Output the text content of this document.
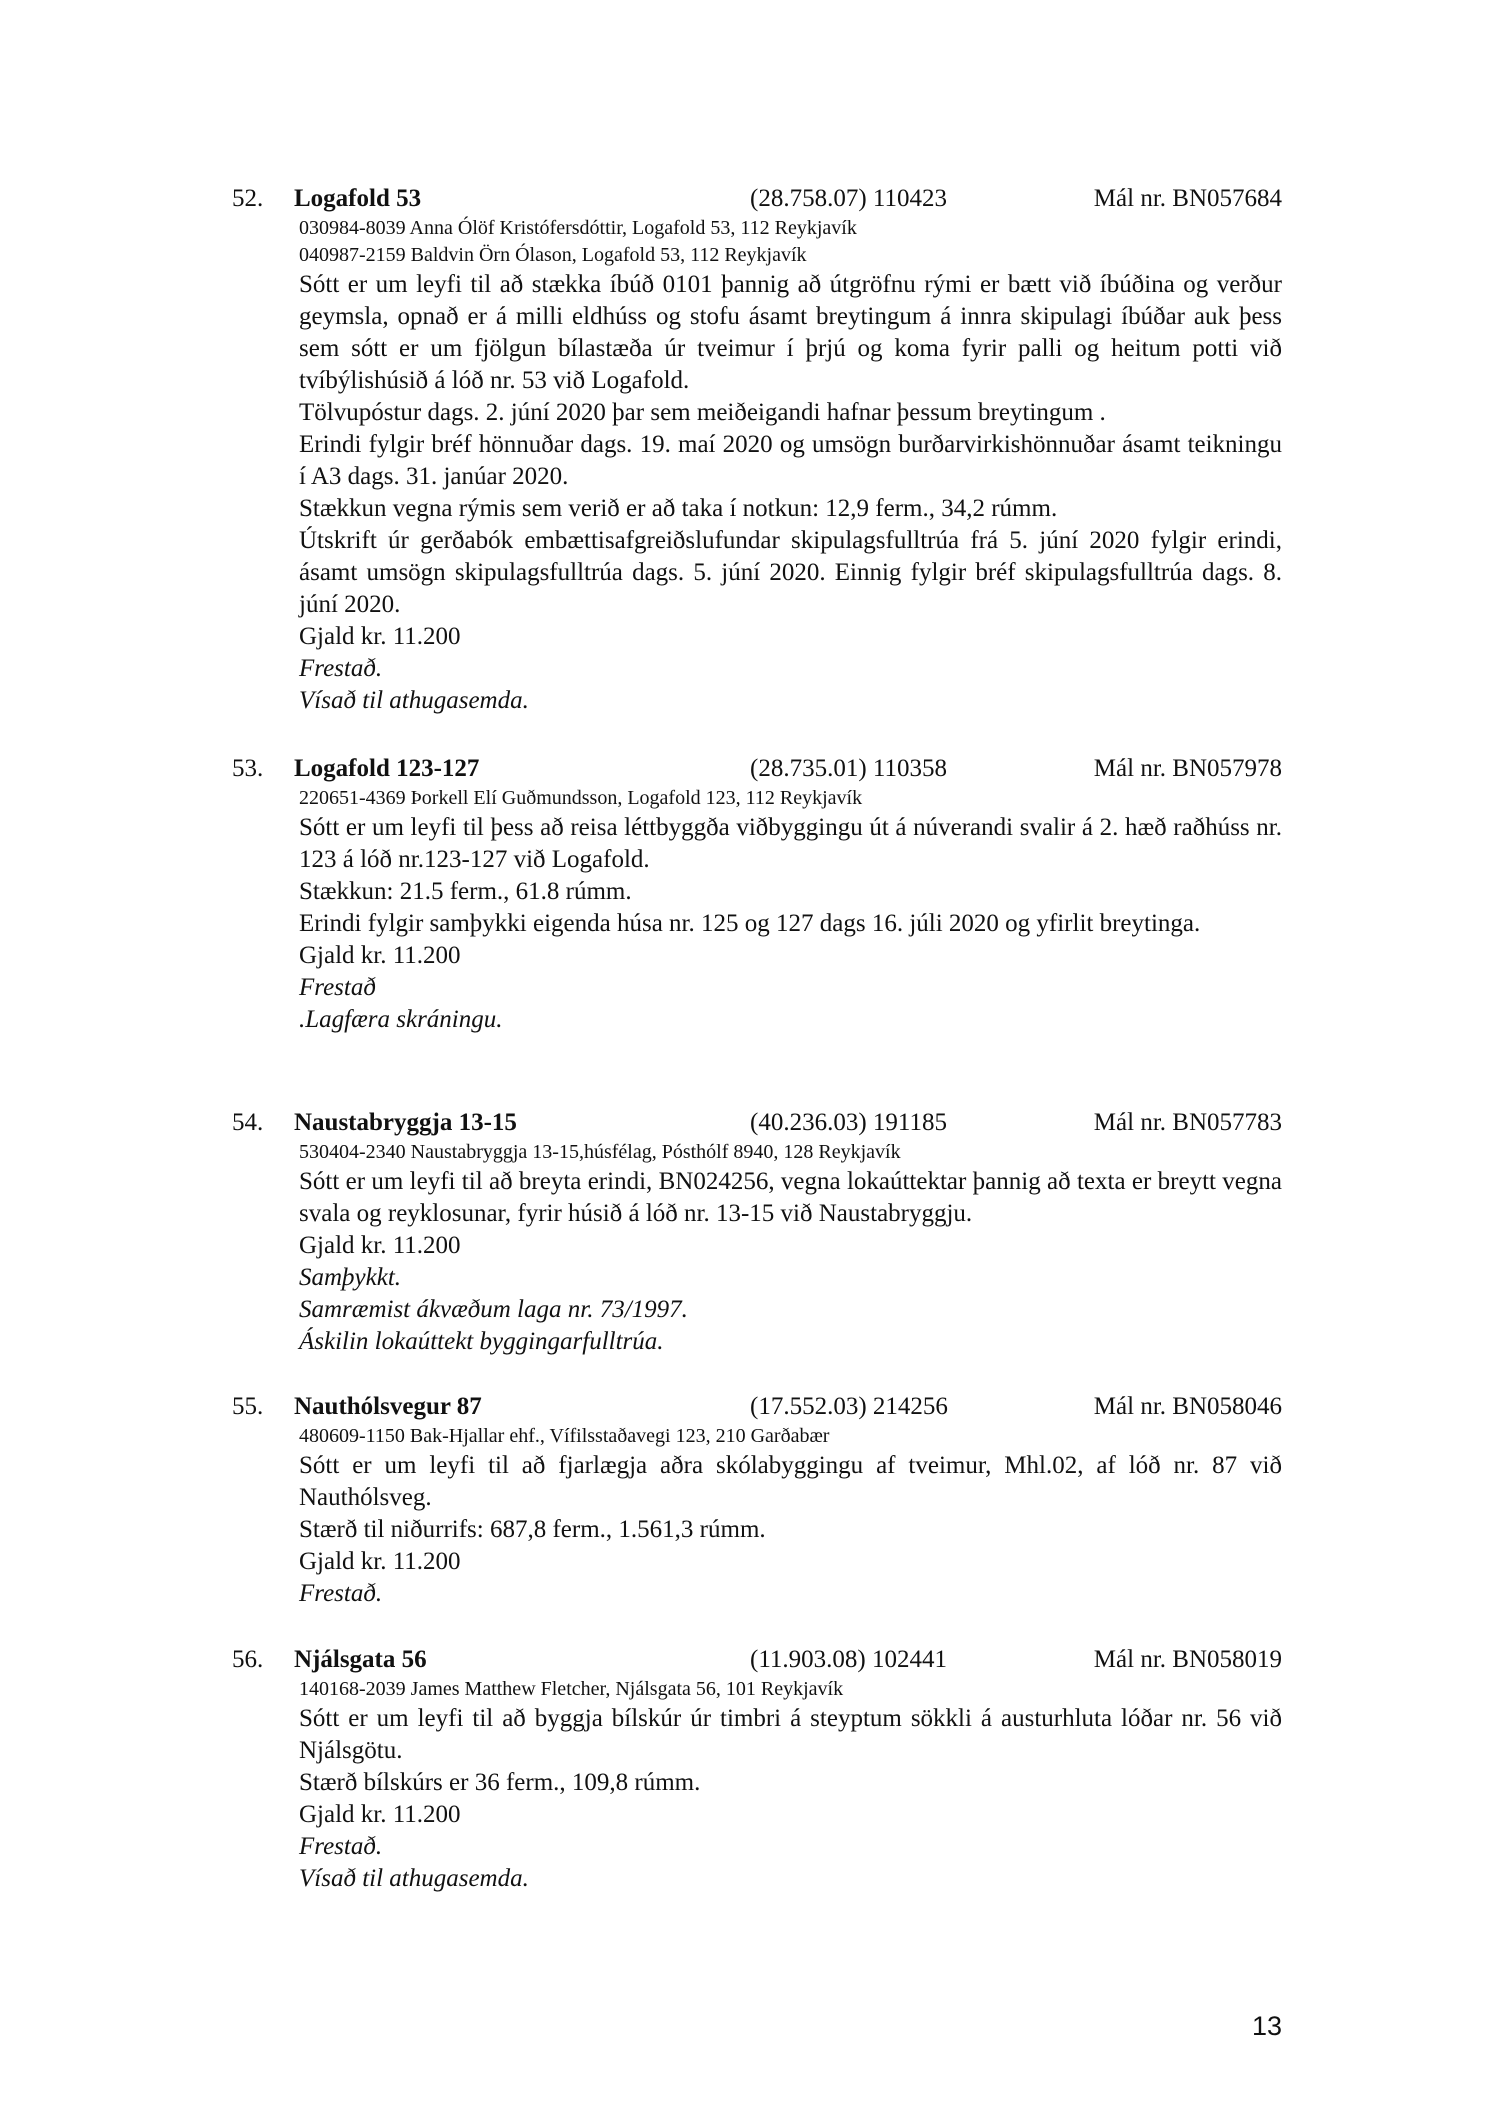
52. Logafold 53	(28.758.07) 110423	Mál nr. BN057684
030984-8039 Anna Ólöf Kristófersdóttir, Logafold 53, 112 Reykjavík
040987-2159 Baldvin Örn Ólason, Logafold 53, 112 Reykjavík
Sótt er um leyfi til að stækka íbúð 0101 þannig að útgröfnu rými er bætt við íbúðina og verður geymsla, opnað er á milli eldhúss og stofu ásamt breytingum á innra skipulagi íbúðar auk þess sem sótt er um fjölgun bílastæða úr tveimur í þrjú og koma fyrir palli og heitum potti við tvíbýlishúsið á lóð nr. 53 við Logafold.
Tölvupóstur dags. 2. júní 2020 þar sem meiðeigandi hafnar þessum breytingum .
Erindi fylgir bréf hönnuðar dags. 19. maí 2020 og umsögn burðarvirkishönnuðar ásamt teikningu í A3 dags. 31. janúar 2020.
Stækkun vegna rýmis sem verið er að taka í notkun: 12,9 ferm., 34,2 rúmm.
Útskrift úr gerðabók embættisafgreiðslufundar skipulagsfulltrúa frá 5. júní 2020 fylgir erindi, ásamt umsögn skipulagsfulltrúa dags. 5. júní 2020. Einnig fylgir bréf skipulagsfulltrúa dags. 8. júní 2020.
Gjald kr. 11.200
Frestað.
Vísað til athugasemda.
53. Logafold 123-127	(28.735.01) 110358	Mál nr. BN057978
220651-4369 Þorkell Elí Guðmundsson, Logafold 123, 112 Reykjavík
Sótt er um leyfi til þess að reisa léttbyggða viðbyggingu út á núverandi svalir á 2. hæð raðhúss nr. 123 á lóð nr.123-127 við Logafold.
Stækkun: 21.5 ferm., 61.8 rúmm.
Erindi fylgir samþykki eigenda húsa nr. 125 og 127 dags 16. júli 2020 og yfirlit breytinga.
Gjald kr. 11.200
Frestað
.Lagfæra skráningu.
54. Naustabryggja 13-15	(40.236.03) 191185	Mál nr. BN057783
530404-2340 Naustabryggja 13-15,húsfélag, Pósthólf 8940, 128 Reykjavík
Sótt er um leyfi til að breyta erindi, BN024256, vegna lokaúttektar þannig að texta er breytt vegna svala og reyklosunar, fyrir húsið á lóð nr. 13-15 við Naustabryggju.
Gjald kr. 11.200
Samþykkt.
Samræmist ákvæðum laga nr. 73/1997.
Áskilin lokaúttekt byggingarfulltrúa.
55. Nauthólsvegur 87	(17.552.03) 214256	Mál nr. BN058046
480609-1150 Bak-Hjallar ehf., Vífilsstaðavegi 123, 210 Garðabær
Sótt er um leyfi til að fjarlægja aðra skólabyggingu af tveimur, Mhl.02, af lóð nr. 87 við Nauthólsveg.
Stærð til niðurrifs: 687,8 ferm., 1.561,3 rúmm.
Gjald kr. 11.200
Frestað.
56. Njálsgata 56	(11.903.08) 102441	Mál nr. BN058019
140168-2039 James Matthew Fletcher, Njálsgata 56, 101 Reykjavík
Sótt er um leyfi til að byggja bílskúr úr timbri á steyptum sökkli á austurhluta lóðar nr. 56 við Njálsgötu.
Stærð bílskúrs er 36 ferm., 109,8 rúmm.
Gjald kr. 11.200
Frestað.
Vísað til athugasemda.
13
